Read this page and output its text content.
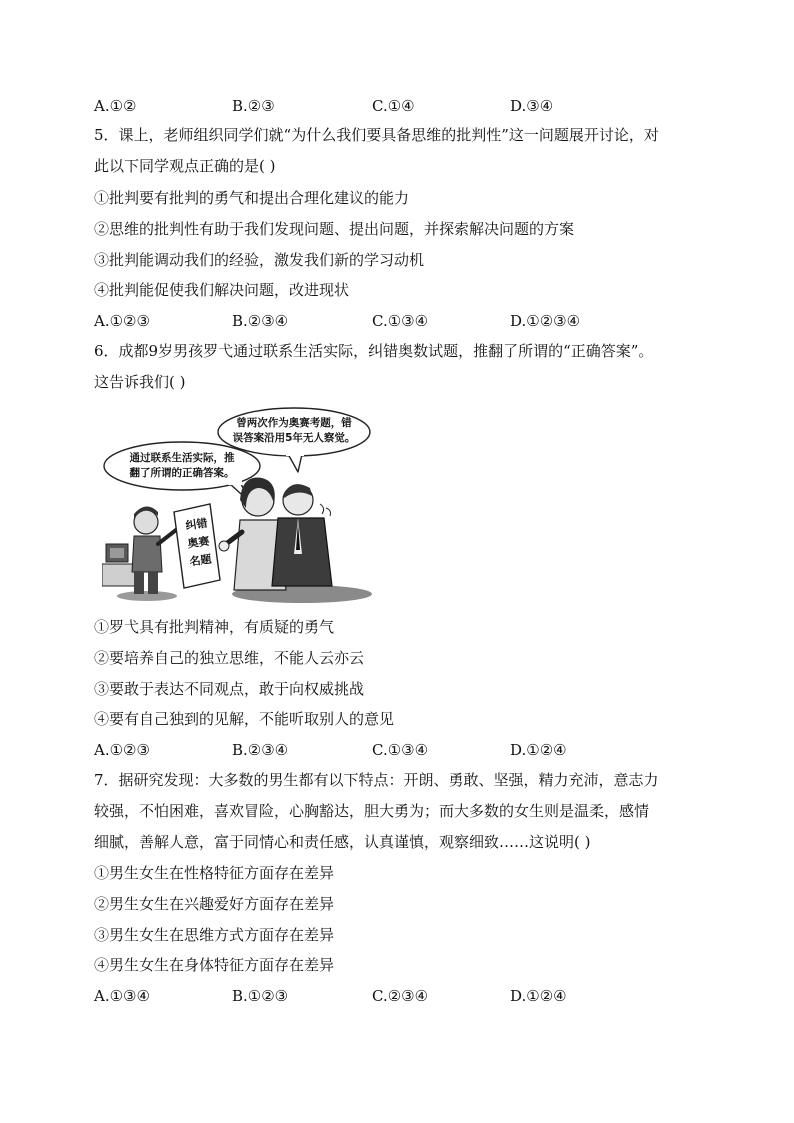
A.①②	B.②③	C.①④	D.③④
5．课上，老师组织同学们就“为什么我们要具备思维的批判性”这一问题展开讨论，对
此以下同学观点正确的是( )
①批判要有批判的勇气和提出合理化建议的能力
②思维的批判性有助于我们发现问题、提出问题，并探索解决问题的方案
③批判能调动我们的经验，激发我们新的学习动机
④批判能促使我们解决问题，改进现状
A.①②③	B.②③④	C.①③④	D.①②③④
6．成都9岁男孩罗弋通过联系生活实际，纠错奥数试题，推翻了所谓的“正确答案”。
这告诉我们( )
曾两次作为奥赛考题，错
误答案沿用5年无人察觉。
通过联系生活实际，推
翻了所谓的正确答案。
纠错
奥赛
名题
①罗弋具有批判精神，有质疑的勇气
②要培养自己的独立思维，不能人云亦云
③要敢于表达不同观点，敢于向权威挑战
④要有自己独到的见解，不能听取别人的意见
A.①②③	B.②③④	C.①③④	D.①②④
7．据研究发现：大多数的男生都有以下特点：开朗、勇敢、坚强，精力充沛，意志力
较强，不怕困难，喜欢冒险，心胸豁达，胆大勇为；而大多数的女生则是温柔，感情
细腻，善解人意，富于同情心和责任感，认真谨慎，观察细致……这说明( )
①男生女生在性格特征方面存在差异
②男生女生在兴趣爱好方面存在差异
③男生女生在思维方式方面存在差异
④男生女生在身体特征方面存在差异
A.①③④	B.①②③	C.②③④	D.①②④
